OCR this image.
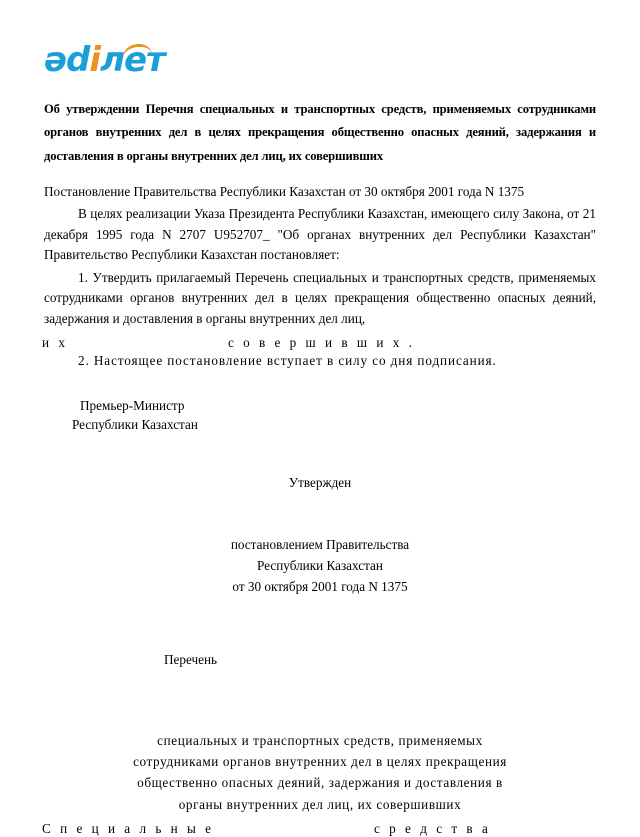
әdiлет
Об утверждении Перечня специальных и транспортных средств, применяемых сотрудниками органов внутренних дел в целях прекращения общественно опасных деяний, задержания и доставления в органы внутренних дел лиц, их совершивших
Постановление Правительства Республики Казахстан от 30 октября 2001 года N 1375
В целях реализации Указа Президента Республики Казахстан, имеющего силу Закона, от 21 декабря 1995 года N 2707 U952707_ "Об органах внутренних дел Республики Казахстан" Правительство Республики Казахстан постановляет:
1. Утвердить прилагаемый Перечень специальных и транспортных средств, применяемых сотрудниками органов внутренних дел в целях прекращения общественно опасных деяний, задержания и доставления в органы внутренних дел лиц,
и х	с о в е р ш и в ш и х .
2. Настоящее постановление вступает в силу со дня подписания.
Премьер-Министр
Республики Казахстан
Утвержден
постановлением Правительства
Республики Казахстан
от 30 октября 2001 года N 1375
Перечень
специальных и транспортных средств, применяемых
сотрудниками органов внутренних дел в целях прекращения
общественно опасных деяний, задержания и доставления в
органы внутренних дел лиц, их совершивших
С п е ц и а л ь н ы е	с р е д с т в а
